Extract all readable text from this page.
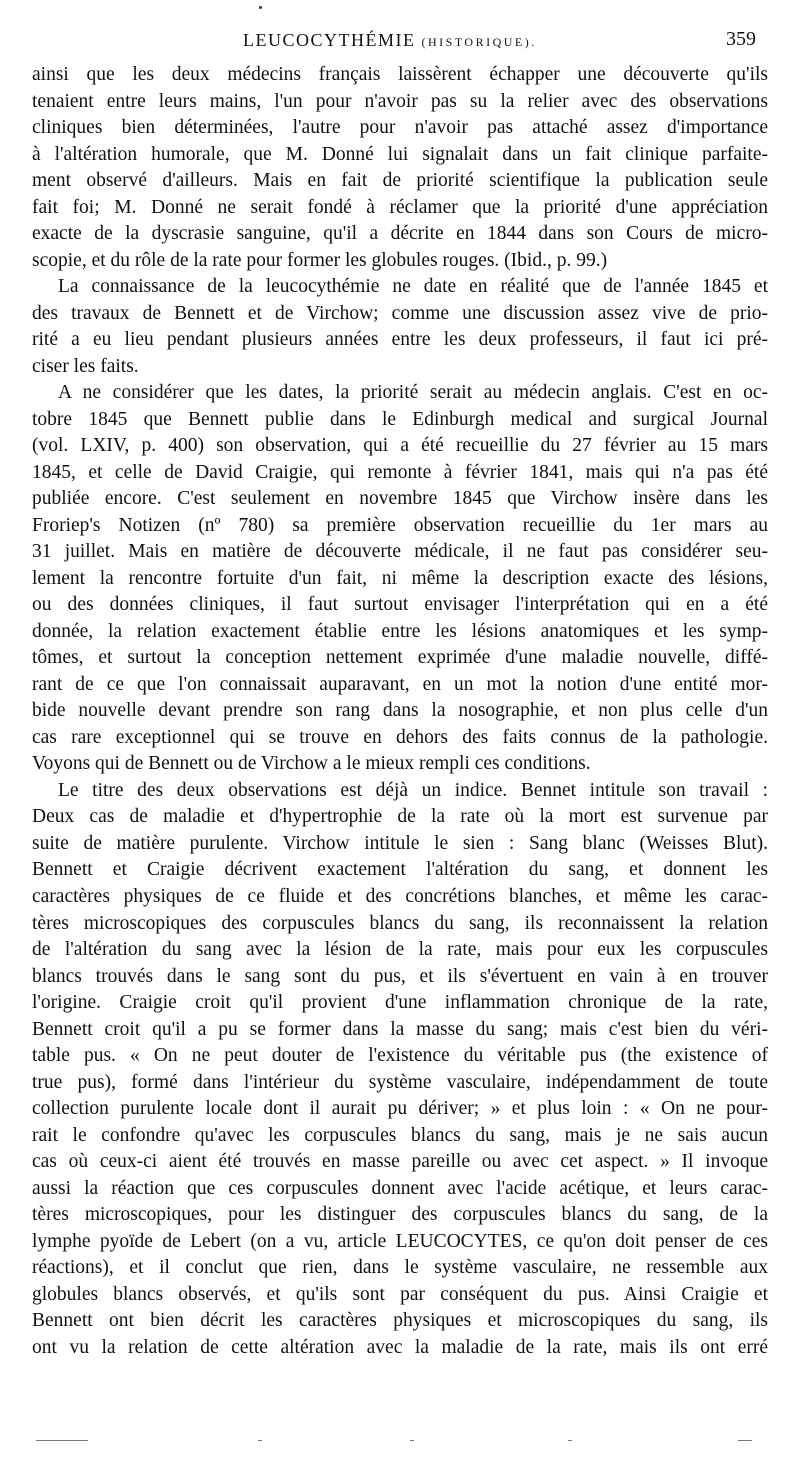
LEUCOCYTHÉMIE (HISTORIQUE).	359
ainsi que les deux médecins français laissèrent échapper une découverte qu'ils
tenaient entre leurs mains, l'un pour n'avoir pas su la relier avec des observations
cliniques bien déterminées, l'autre pour n'avoir pas attaché assez d'importance
à l'altération humorale, que M. Donné lui signalait dans un fait clinique parfaite-
ment observé d'ailleurs. Mais en fait de priorité scientifique la publication seule
fait foi; M. Donné ne serait fondé à réclamer que la priorité d'une appréciation
exacte de la dyscrasie sanguine, qu'il a décrite en 1844 dans son Cours de micro-
scopie, et du rôle de la rate pour former les globules rouges. (Ibid., p. 99.)
La connaissance de la leucocythémie ne date en réalité que de l'année 1845 et
des travaux de Bennett et de Virchow; comme une discussion assez vive de prio-
rité a eu lieu pendant plusieurs années entre les deux professeurs, il faut ici pré-
ciser les faits.
A ne considérer que les dates, la priorité serait au médecin anglais. C'est en oc-
tobre 1845 que Bennett publie dans le Edinburgh medical and surgical Journal
(vol. LXIV, p. 400) son observation, qui a été recueillie du 27 février au 15 mars
1845, et celle de David Craigie, qui remonte à février 1841, mais qui n'a pas été
publiée encore. C'est seulement en novembre 1845 que Virchow insère dans les
Froriep's Notizen (nº 780) sa première observation recueillie du 1er mars au
31 juillet. Mais en matière de découverte médicale, il ne faut pas considérer seu-
lement la rencontre fortuite d'un fait, ni même la description exacte des lésions,
ou des données cliniques, il faut surtout envisager l'interprétation qui en a été
donnée, la relation exactement établie entre les lésions anatomiques et les symp-
tômes, et surtout la conception nettement exprimée d'une maladie nouvelle, diffé-
rant de ce que l'on connaissait auparavant, en un mot la notion d'une entité mor-
bide nouvelle devant prendre son rang dans la nosographie, et non plus celle d'un
cas rare exceptionnel qui se trouve en dehors des faits connus de la pathologie.
Voyons qui de Bennett ou de Virchow a le mieux rempli ces conditions.
Le titre des deux observations est déjà un indice. Bennet intitule son travail :
Deux cas de maladie et d'hypertrophie de la rate où la mort est survenue par
suite de matière purulente. Virchow intitule le sien : Sang blanc (Weisses Blut).
Bennett et Craigie décrivent exactement l'altération du sang, et donnent les
caractères physiques de ce fluide et des concrétions blanches, et même les carac-
tères microscopiques des corpuscules blancs du sang, ils reconnaissent la relation
de l'altération du sang avec la lésion de la rate, mais pour eux les corpuscules
blancs trouvés dans le sang sont du pus, et ils s'évertuent en vain à en trouver
l'origine. Craigie croit qu'il provient d'une inflammation chronique de la rate,
Bennett croit qu'il a pu se former dans la masse du sang; mais c'est bien du véri-
table pus. « On ne peut douter de l'existence du véritable pus (the existence of
true pus), formé dans l'intérieur du système vasculaire, indépendamment de toute
collection purulente locale dont il aurait pu dériver; » et plus loin : « On ne pour-
rait le confondre qu'avec les corpuscules blancs du sang, mais je ne sais aucun
cas où ceux-ci aient été trouvés en masse pareille ou avec cet aspect. » Il invoque
aussi la réaction que ces corpuscules donnent avec l'acide acétique, et leurs carac-
tères microscopiques, pour les distinguer des corpuscules blancs du sang, de la
lymphe pyoïde de Lebert (on a vu, article LEUCOCYTES, ce qu'on doit penser de ces
réactions), et il conclut que rien, dans le système vasculaire, ne ressemble aux
globules blancs observés, et qu'ils sont par conséquent du pus. Ainsi Craigie et
Bennett ont bien décrit les caractères physiques et microscopiques du sang, ils
ont vu la relation de cette altération avec la maladie de la rate, mais ils ont erré
